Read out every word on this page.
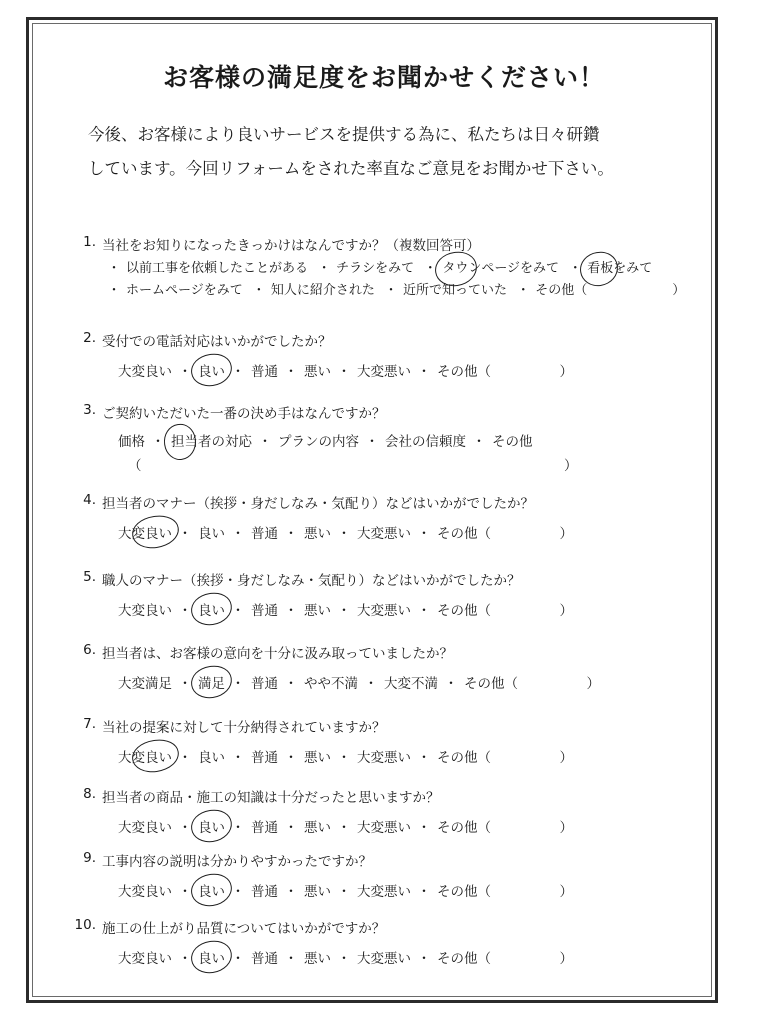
お客様の満足度をお聞かせください！

今後、お客様により良いサービスを提供する為に、私たちは日々研鑽

しています。今回リフォームをされた率直なご意見をお聞かせ下さい。

1. 当社をお知りになったきっかけはなんですか？（複数回答可）
・ 以前工事を依頼したことがある ・ チラシをみて ・ タウンページをみて ・ 看板をみて
・ ホームページをみて ・ 知人に紹介された ・ 近所で知っていた ・ その他（	）
2. 受付での電話対応はいかがでしたか？
大変良い ・ 良い ・ 普通 ・ 悪い ・ 大変悪い ・ その他（	）
3. ご契約いただいた一番の決め手はなんですか？
価格 ・ 担当者の対応 ・ プランの内容 ・ 会社の信頼度 ・ その他
（	）
4. 担当者のマナー（挨拶・身だしなみ・気配り）などはいかがでしたか？
大変良い ・ 良い ・ 普通 ・ 悪い ・ 大変悪い ・ その他（	）
5. 職人のマナー（挨拶・身だしなみ・気配り）などはいかがでしたか？
大変良い ・ 良い ・ 普通 ・ 悪い ・ 大変悪い ・ その他（	）
6. 担当者は、お客様の意向を十分に汲み取っていましたか？
大変満足 ・ 満足 ・ 普通 ・ やや不満 ・ 大変不満 ・ その他（	）
7. 当社の提案に対して十分納得されていますか？
大変良い ・ 良い ・ 普通 ・ 悪い ・ 大変悪い ・ その他（	）
8. 担当者の商品・施工の知識は十分だったと思いますか？
大変良い ・ 良い ・ 普通 ・ 悪い ・ 大変悪い ・ その他（	）
9. 工事内容の説明は分かりやすかったですか？
大変良い ・ 良い ・ 普通 ・ 悪い ・ 大変悪い ・ その他（	）
10. 施工の仕上がり品質についてはいかがですか？
大変良い ・ 良い ・ 普通 ・ 悪い ・ 大変悪い ・ その他（	）
